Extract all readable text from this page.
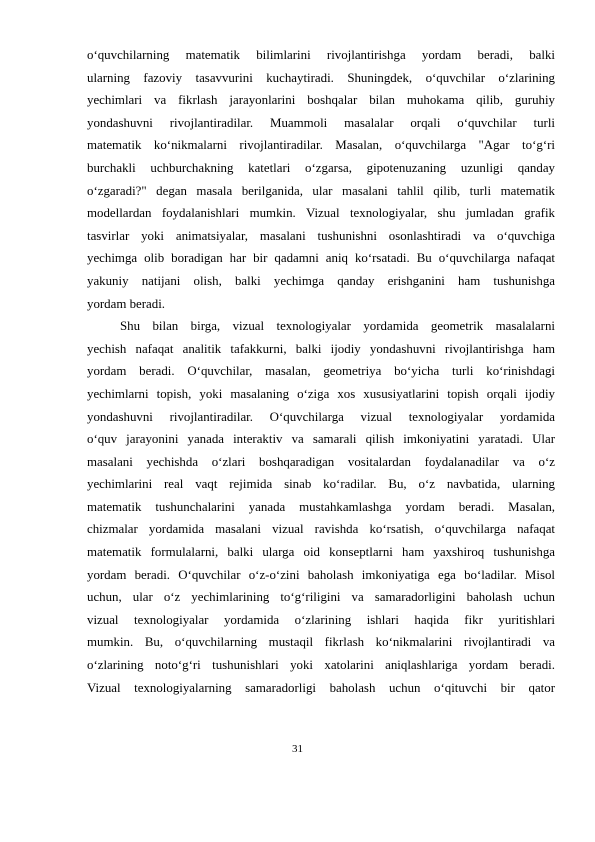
o‘quvchilarning matematik bilimlarini rivojlantirishga yordam beradi, balki
ularning fazoviy tasavvurini kuchaytiradi. Shuningdek, o‘quvchilar o‘zlarining
yechimlari va fikrlash jarayonlarini boshqalar bilan muhokama qilib, guruhiy
yondashuvni rivojlantiradilar. Muammoli masalalar orqali o‘quvchilar turli
matematik ko‘nikmalarni rivojlantiradilar. Masalan, o‘quvchilarga "Agar to‘g‘ri
burchakli uchburchakning katetlari o‘zgarsa, gipotenuzaning uzunligi qanday
o‘zgaradi?" degan masala berilganida, ular masalani tahlil qilib, turli matematik
modellardan foydalanishlari mumkin. Vizual texnologiyalar, shu jumladan grafik
tasvirlar yoki animatsiyalar, masalani tushunishni osonlashtiradi va o‘quvchiga
yechimga olib boradigan har bir qadamni aniq ko‘rsatadi. Bu o‘quvchilarga nafaqat
yakuniy natijani olish, balki yechimga qanday erishganini ham tushunishga
yordam beradi.
Shu bilan birga, vizual texnologiyalar yordamida geometrik masalalarni
yechish nafaqat analitik tafakkurni, balki ijodiy yondashuvni rivojlantirishga ham
yordam beradi. O‘quvchilar, masalan, geometriya bo‘yicha turli ko‘rinishdagi
yechimlarni topish, yoki masalaning o‘ziga xos xususiyatlarini topish orqali ijodiy
yondashuvni rivojlantiradilar. O‘quvchilarga vizual texnologiyalar yordamida
o‘quv jarayonini yanada interaktiv va samarali qilish imkoniyatini yaratadi. Ular
masalani yechishda o‘zlari boshqaradigan vositalardan foydalanadilar va o‘z
yechimlarini real vaqt rejimida sinab ko‘radilar. Bu, o‘z navbatida, ularning
matematik tushunchalarini yanada mustahkamlashga yordam beradi. Masalan,
chizmalar yordamida masalani vizual ravishda ko‘rsatish, o‘quvchilarga nafaqat
matematik formulalarni, balki ularga oid konseptlarni ham yaxshiroq tushunishga
yordam beradi. O‘quvchilar o‘z-o‘zini baholash imkoniyatiga ega bo‘ladilar. Misol
uchun, ular o‘z yechimlarining to‘g‘riligini va samaradorligini baholash uchun
vizual texnologiyalar yordamida o‘zlarining ishlari haqida fikr yuritishlari
mumkin. Bu, o‘quvchilarning mustaqil fikrlash ko‘nikmalarini rivojlantiradi va
o‘zlarining noto‘g‘ri tushunishlari yoki xatolarini aniqlashlariga yordam beradi.
Vizual texnologiyalarning samaradorligi baholash uchun o‘qituvchi bir qator
31
